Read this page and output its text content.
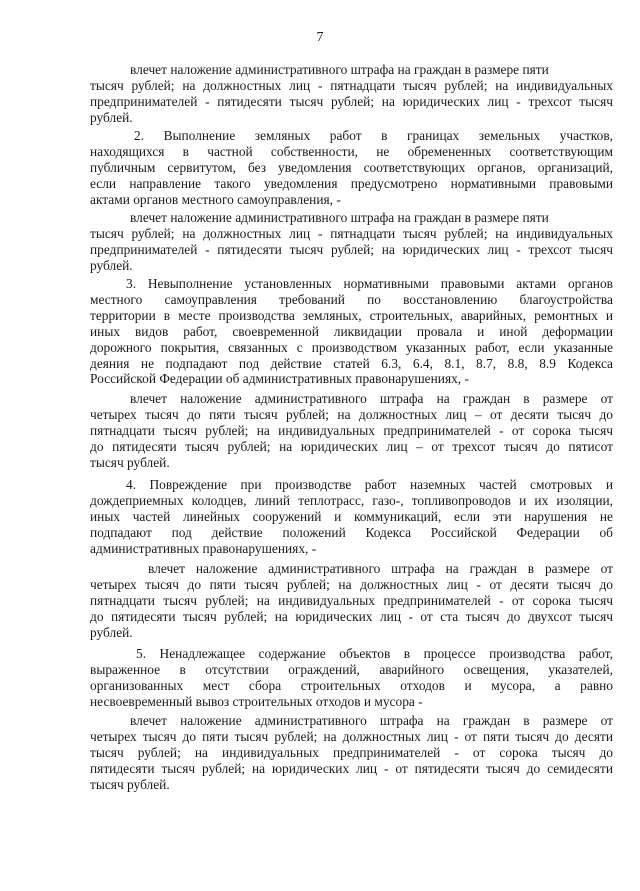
7
влечет наложение административного штрафа на граждан в размере пяти
тысяч рублей; на должностных лиц - пятнадцати тысяч рублей; на индивидуальных
предпринимателей - пятидесяти тысяч рублей; на юридических лиц - трехсот тысяч
рублей.
2. Выполнение земляных работ в границах земельных участков,
находящихся в частной собственности, не обремененных соответствующим
публичным сервитутом, без уведомления соответствующих органов, организаций,
если направление такого уведомления предусмотрено нормативными правовыми
актами органов местного самоуправления, -
влечет наложение административного штрафа на граждан в размере пяти
тысяч рублей; на должностных лиц - пятнадцати тысяч рублей; на индивидуальных
предпринимателей - пятидесяти тысяч рублей; на юридических лиц - трехсот тысяч
рублей.
3. Невыполнение установленных нормативными правовыми актами органов
местного самоуправления требований по восстановлению благоустройства
территории в месте производства земляных, строительных, аварийных, ремонтных и
иных видов работ, своевременной ликвидации провала и иной деформации
дорожного покрытия, связанных с производством указанных работ, если указанные
деяния не подпадают под действие статей 6.3, 6.4, 8.1, 8.7, 8.8, 8.9 Кодекса
Российской Федерации об административных правонарушениях, -
влечет наложение административного штрафа на граждан в размере от
четырех тысяч до пяти тысяч рублей; на должностных лиц – от десяти тысяч до
пятнадцати тысяч рублей; на индивидуальных предпринимателей - от сорока тысяч
до пятидесяти тысяч рублей; на юридических лиц – от трехсот тысяч до пятисот
тысяч рублей.
4. Повреждение при производстве работ наземных частей смотровых и
дождеприемных колодцев, линий теплотрасс, газо-, топливопроводов и их изоляции,
иных частей линейных сооружений и коммуникаций, если эти нарушения не
подпадают под действие положений Кодекса Российской Федерации об
административных правонарушениях, -
влечет наложение административного штрафа на граждан в размере от
четырех тысяч до пяти тысяч рублей; на должностных лиц - от десяти тысяч до
пятнадцати тысяч рублей; на индивидуальных предпринимателей - от сорока тысяч
до пятидесяти тысяч рублей; на юридических лиц - от ста тысяч до двухсот тысяч
рублей.
5. Ненадлежащее содержание объектов в процессе производства работ,
выраженное в отсутствии ограждений, аварийного освещения, указателей,
организованных мест сбора строительных отходов и мусора, а равно
несвоевременный вывоз строительных отходов и мусора -
влечет наложение административного штрафа на граждан в размере от
четырех тысяч до пяти тысяч рублей; на должностных лиц - от пяти тысяч до десяти
тысяч рублей; на индивидуальных предпринимателей - от сорока тысяч до
пятидесяти тысяч рублей; на юридических лиц - от пятидесяти тысяч до семидесяти
тысяч рублей.
